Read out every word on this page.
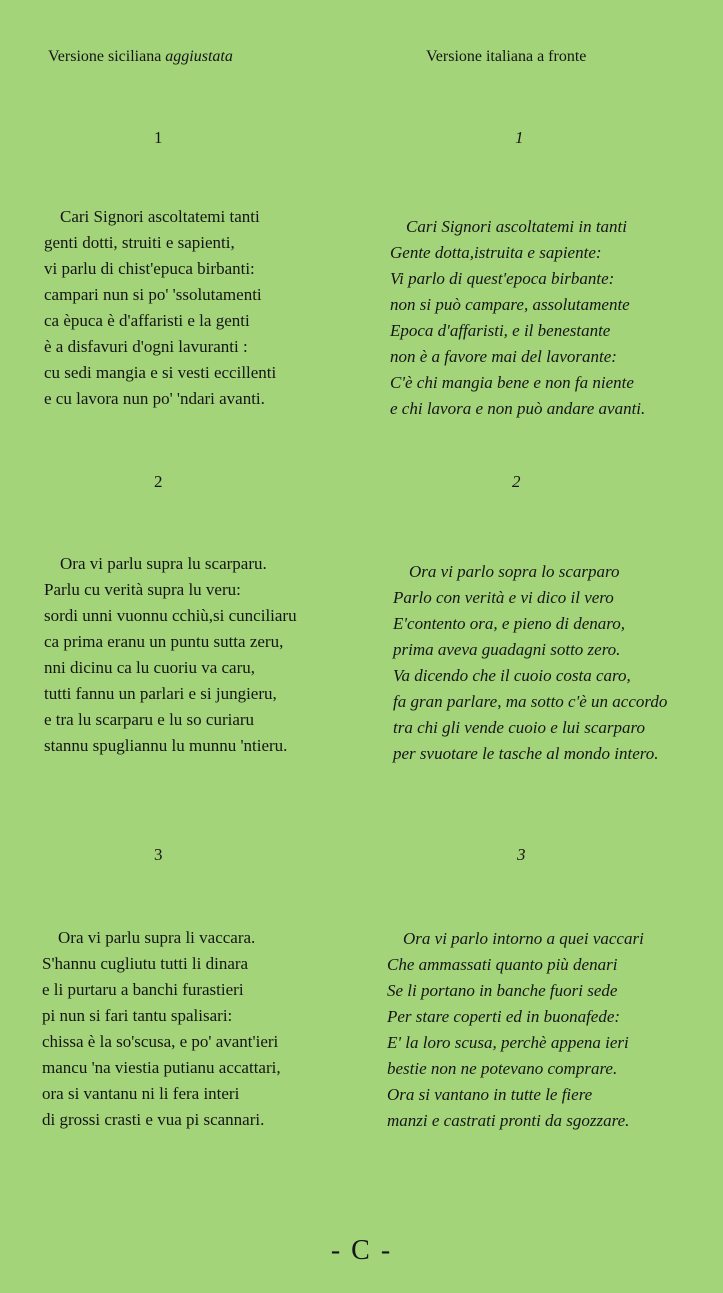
Versione siciliana aggiustata	Versione italiana a fronte
1	1
Cari Signori ascoltatemi tanti
genti dotti, struiti e sapienti,
vi parlu di chist'epuca birbanti:
campari nun si po' 'ssolutamenti
ca èpuca è d'affaristi e la genti
è a disfavuri d'ogni lavuranti :
cu sedi mangia e si vesti eccillenti
e cu lavora nun po' 'ndari avanti.
Cari Signori ascoltatemi in tanti
Gente dotta,istruita e sapiente:
Vi parlo di quest'epoca birbante:
non si può campare, assolutamente
Epoca d'affaristi, e il benestante
non è a favore mai del lavorante:
C'è chi mangia bene e non fa niente
e chi lavora e non può andare avanti.
2	2
Ora vi parlu supra lu scarparu.
Parlu cu verità supra lu veru:
sordi unni vuonnu cchiù,si cunciliaru
ca prima eranu un puntu sutta zeru,
nni dicinu ca lu cuoriu va caru,
tutti fannu un parlari e si jungieru,
e tra lu scarparu e lu so curiaru
stannu spugliannu lu munnu 'ntieru.
Ora vi parlo sopra lo scarparo
Parlo con verità e vi dico il vero
E'contento ora, e pieno di denaro,
prima aveva guadagni sotto zero.
Va dicendo che il cuoio costa caro,
fa gran parlare, ma sotto c'è un accordo
tra chi gli vende cuoio e lui scarparo
per svuotare le tasche al mondo intero.
3	3
Ora vi parlu supra li vaccara.
S'hannu cugliutu tutti li dinara
e li purtaru a banchi furastieri
pi nun si fari tantu spalisari:
chissa è la so'scusa, e po' avant'ieri
mancu 'na viestia putianu accattari,
ora si vantanu ni li fera interi
di grossi crasti e vua pi scannari.
Ora vi parlo intorno a quei vaccari
Che ammassati quanto più denari
Se li portano in banche fuori sede
Per stare coperti ed in buonafede:
E' la loro scusa, perchè appena ieri
bestie non ne potevano comprare.
Ora si vantano in tutte le fiere
manzi e castrati pronti da sgozzare.
- C -
